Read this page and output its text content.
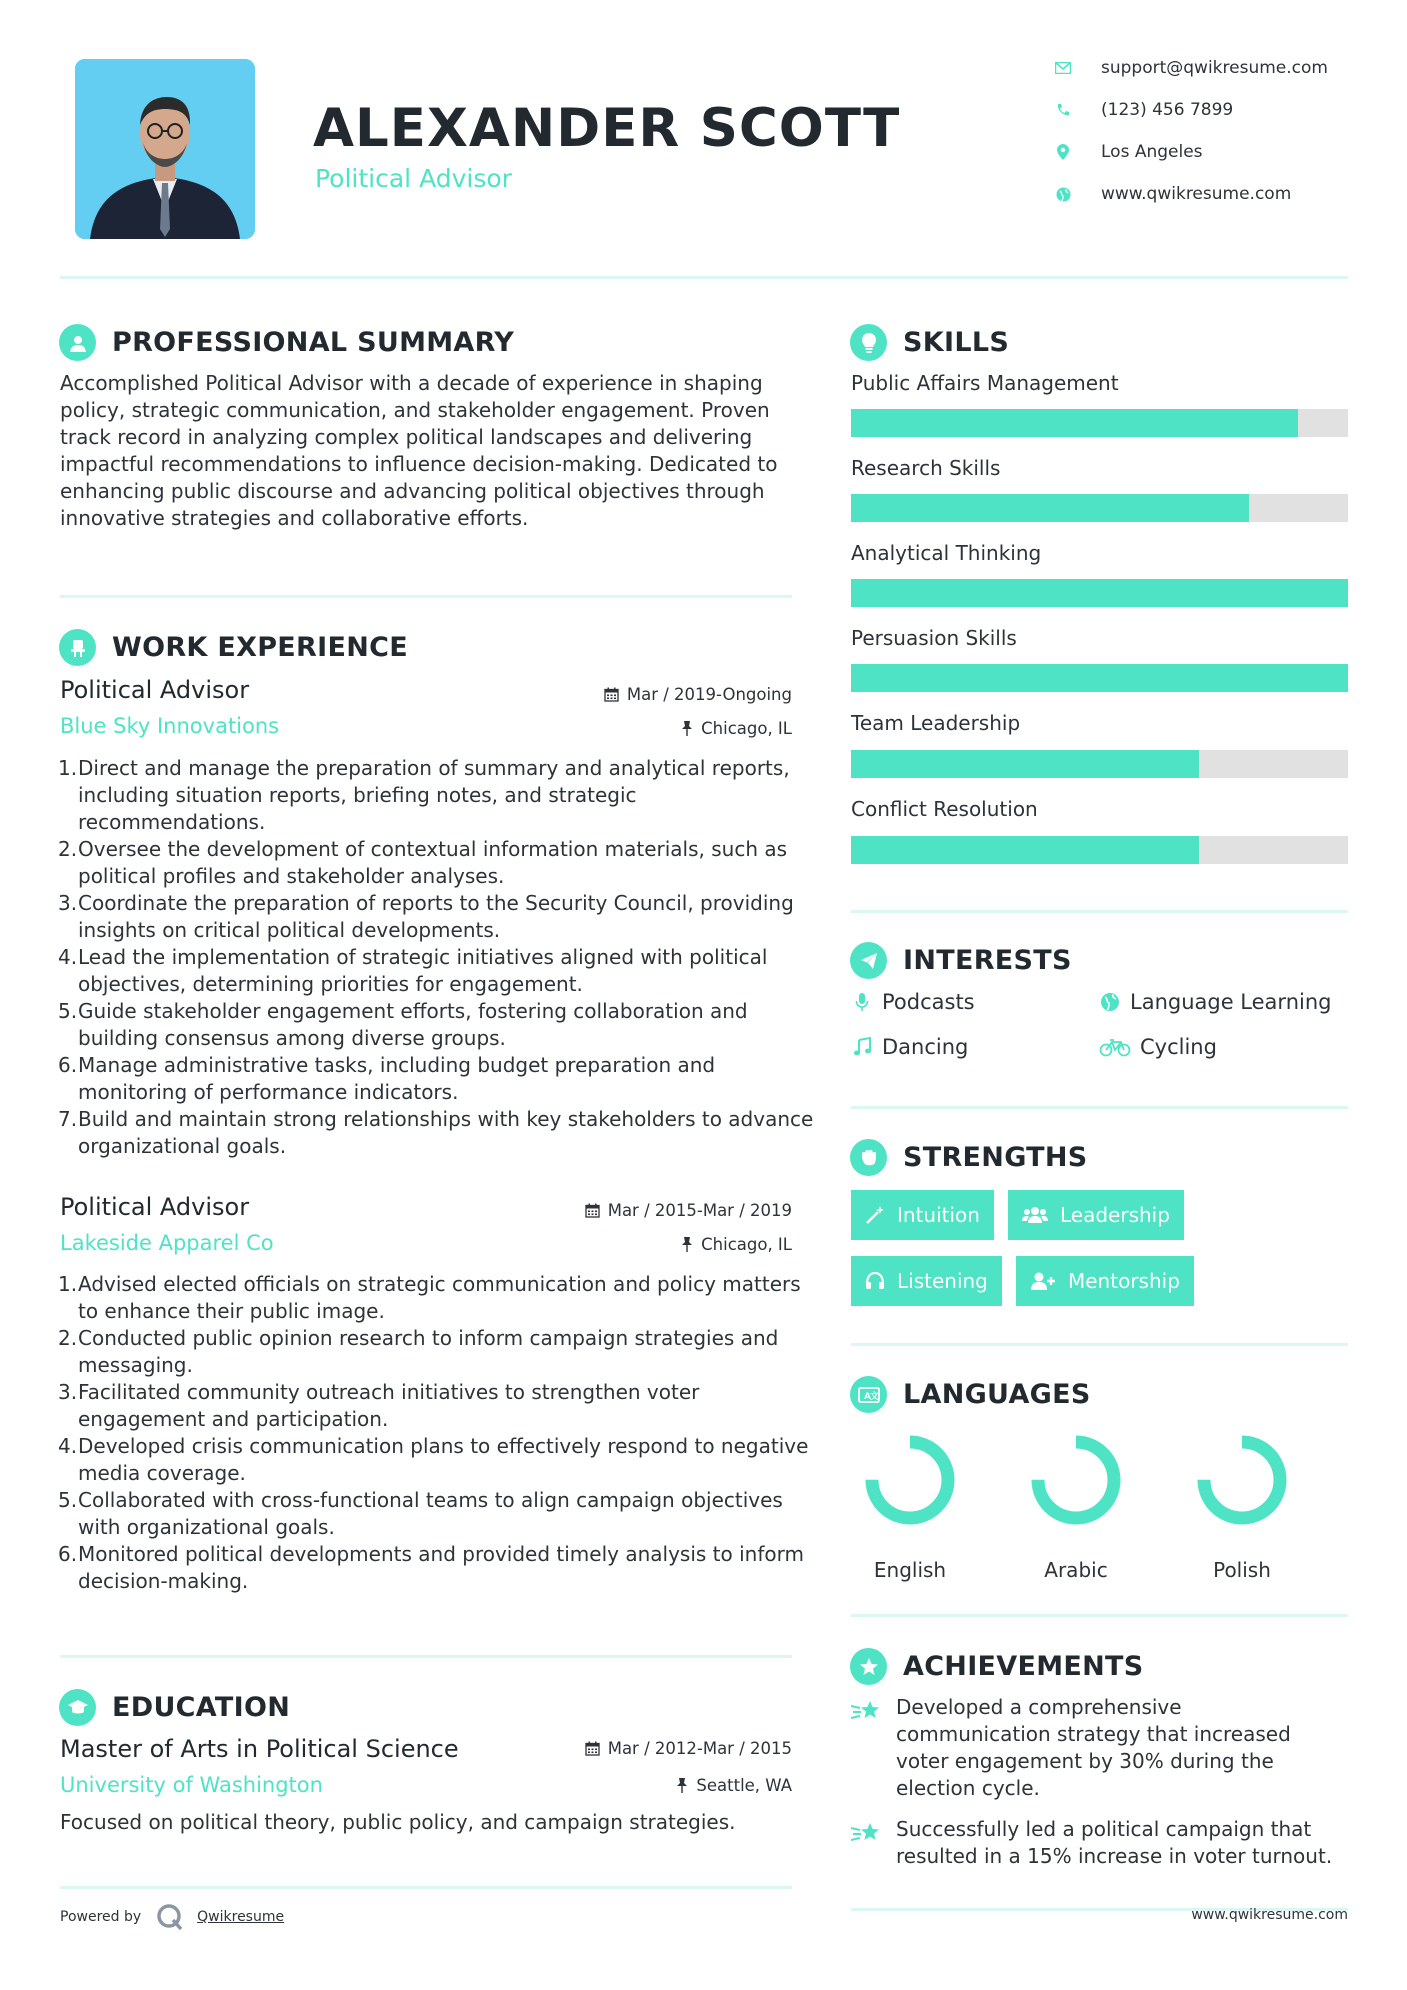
ALEXANDER SCOTT
Political Advisor
support@qwikresume.com
(123) 456 7899
Los Angeles
www.qwikresume.com
PROFESSIONAL SUMMARY
Accomplished Political Advisor with a decade of experience in shaping policy, strategic communication, and stakeholder engagement. Proven track record in analyzing complex political landscapes and delivering impactful recommendations to influence decision-making. Dedicated to enhancing public discourse and advancing political objectives through innovative strategies and collaborative efforts.
WORK EXPERIENCE
Political Advisor	Mar / 2019-Ongoing
Blue Sky Innovations	Chicago, IL
Direct and manage the preparation of summary and analytical reports, including situation reports, briefing notes, and strategic recommendations.
Oversee the development of contextual information materials, such as political profiles and stakeholder analyses.
Coordinate the preparation of reports to the Security Council, providing insights on critical political developments.
Lead the implementation of strategic initiatives aligned with political objectives, determining priorities for engagement.
Guide stakeholder engagement efforts, fostering collaboration and building consensus among diverse groups.
Manage administrative tasks, including budget preparation and monitoring of performance indicators.
Build and maintain strong relationships with key stakeholders to advance organizational goals.
Political Advisor	Mar / 2015-Mar / 2019
Lakeside Apparel Co	Chicago, IL
Advised elected officials on strategic communication and policy matters to enhance their public image.
Conducted public opinion research to inform campaign strategies and messaging.
Facilitated community outreach initiatives to strengthen voter engagement and participation.
Developed crisis communication plans to effectively respond to negative media coverage.
Collaborated with cross-functional teams to align campaign objectives with organizational goals.
Monitored political developments and provided timely analysis to inform decision-making.
EDUCATION
Master of Arts in Political Science	Mar / 2012-Mar / 2015
University of Washington	Seattle, WA
Focused on political theory, public policy, and campaign strategies.
Powered by	Qwikresume
SKILLS
Public Affairs Management
Research Skills
Analytical Thinking
Persuasion Skills
Team Leadership
Conflict Resolution
INTERESTS
Podcasts	Language Learning
Dancing	Cycling
STRENGTHS
Intuition	Leadership
Listening	Mentorship
A
文 LANGUAGES
English	Arabic	Polish
ACHIEVEMENTS
Developed a comprehensive communication strategy that increased voter engagement by 30% during the election cycle.
Successfully led a political campaign that resulted in a 15% increase in voter turnout.
www.qwikresume.com
